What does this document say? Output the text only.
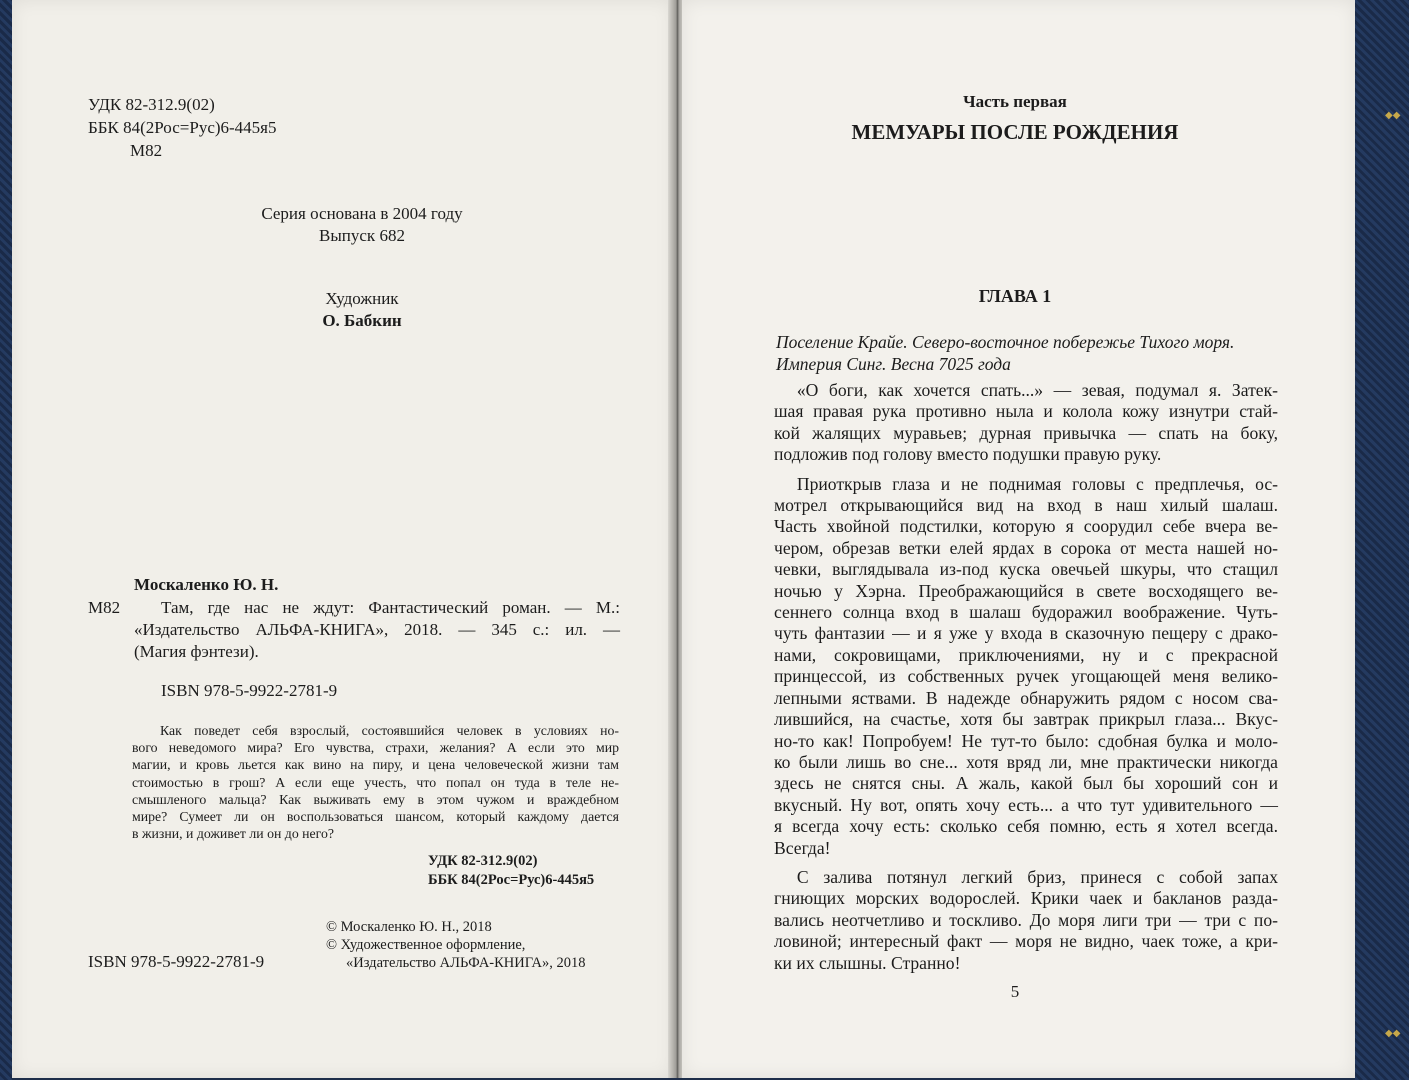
◆◆
◆◆
УДК 82-312.9(02)
ББК 84(2Рос=Рус)6-445я5
М82
Серия основана в 2004 году
Выпуск 682
Художник
О. Бабкин
Москаленко Ю. Н.
М82 Там, где нас не ждут: Фантастический роман. — М.:
«Издательство АЛЬФА-КНИГА», 2018. — 345 с.: ил. —
(Магия фэнтези).
ISBN 978-5-9922-2781-9
Как поведет себя взрослый, состоявшийся человек в условиях но-
вого неведомого мира? Его чувства, страхи, желания? А если это мир
магии, и кровь льется как вино на пиру, и цена человеческой жизни там
стоимостью в грош? А если еще учесть, что попал он туда в теле не-
смышленого мальца? Как выживать ему в этом чужом и враждебном
мире? Сумеет ли он воспользоваться шансом, который каждому дается
в жизни, и доживет ли он до него?
УДК 82-312.9(02)
ББК 84(2Рос=Рус)6-445я5
© Москаленко Ю. Н., 2018
© Художественное оформление,
«Издательство АЛЬФА-КНИГА», 2018
ISBN 978-5-9922-2781-9
Часть первая
МЕМУАРЫ ПОСЛЕ РОЖДЕНИЯ
ГЛАВА 1
Поселение Крайе. Северо-восточное побережье Тихого моря.
Империя Синг. Весна 7025 года
«О боги, как хочется спать...» — зевая, подумал я. Затек-
шая правая рука противно ныла и колола кожу изнутри стай-
кой жалящих муравьев; дурная привычка — спать на боку,
подложив под голову вместо подушки правую руку.
Приоткрыв глаза и не поднимая головы с предплечья, ос-
мотрел открывающийся вид на вход в наш хилый шалаш.
Часть хвойной подстилки, которую я соорудил себе вчера ве-
чером, обрезав ветки елей ярдах в сорока от места нашей но-
чевки, выглядывала из-под куска овечьей шкуры, что стащил
ночью у Хэрна. Преображающийся в свете восходящего ве-
сеннего солнца вход в шалаш будоражил воображение. Чуть-
чуть фантазии — и я уже у входа в сказочную пещеру с драко-
нами, сокровищами, приключениями, ну и с прекрасной
принцессой, из собственных ручек угощающей меня велико-
лепными яствами. В надежде обнаружить рядом с носом сва-
лившийся, на счастье, хотя бы завтрак прикрыл глаза... Вкус-
но-то как! Попробуем! Не тут-то было: сдобная булка и моло-
ко были лишь во сне... хотя вряд ли, мне практически никогда
здесь не снятся сны. А жаль, какой был бы хороший сон и
вкусный. Ну вот, опять хочу есть... а что тут удивительного —
я всегда хочу есть: сколько себя помню, есть я хотел всегда.
Всегда!
С залива потянул легкий бриз, принеся с собой запах
гниющих морских водорослей. Крики чаек и бакланов разда-
вались неотчетливо и тоскливо. До моря лиги три — три с по-
ловиной; интересный факт — моря не видно, чаек тоже, а кри-
ки их слышны. Странно!
5
